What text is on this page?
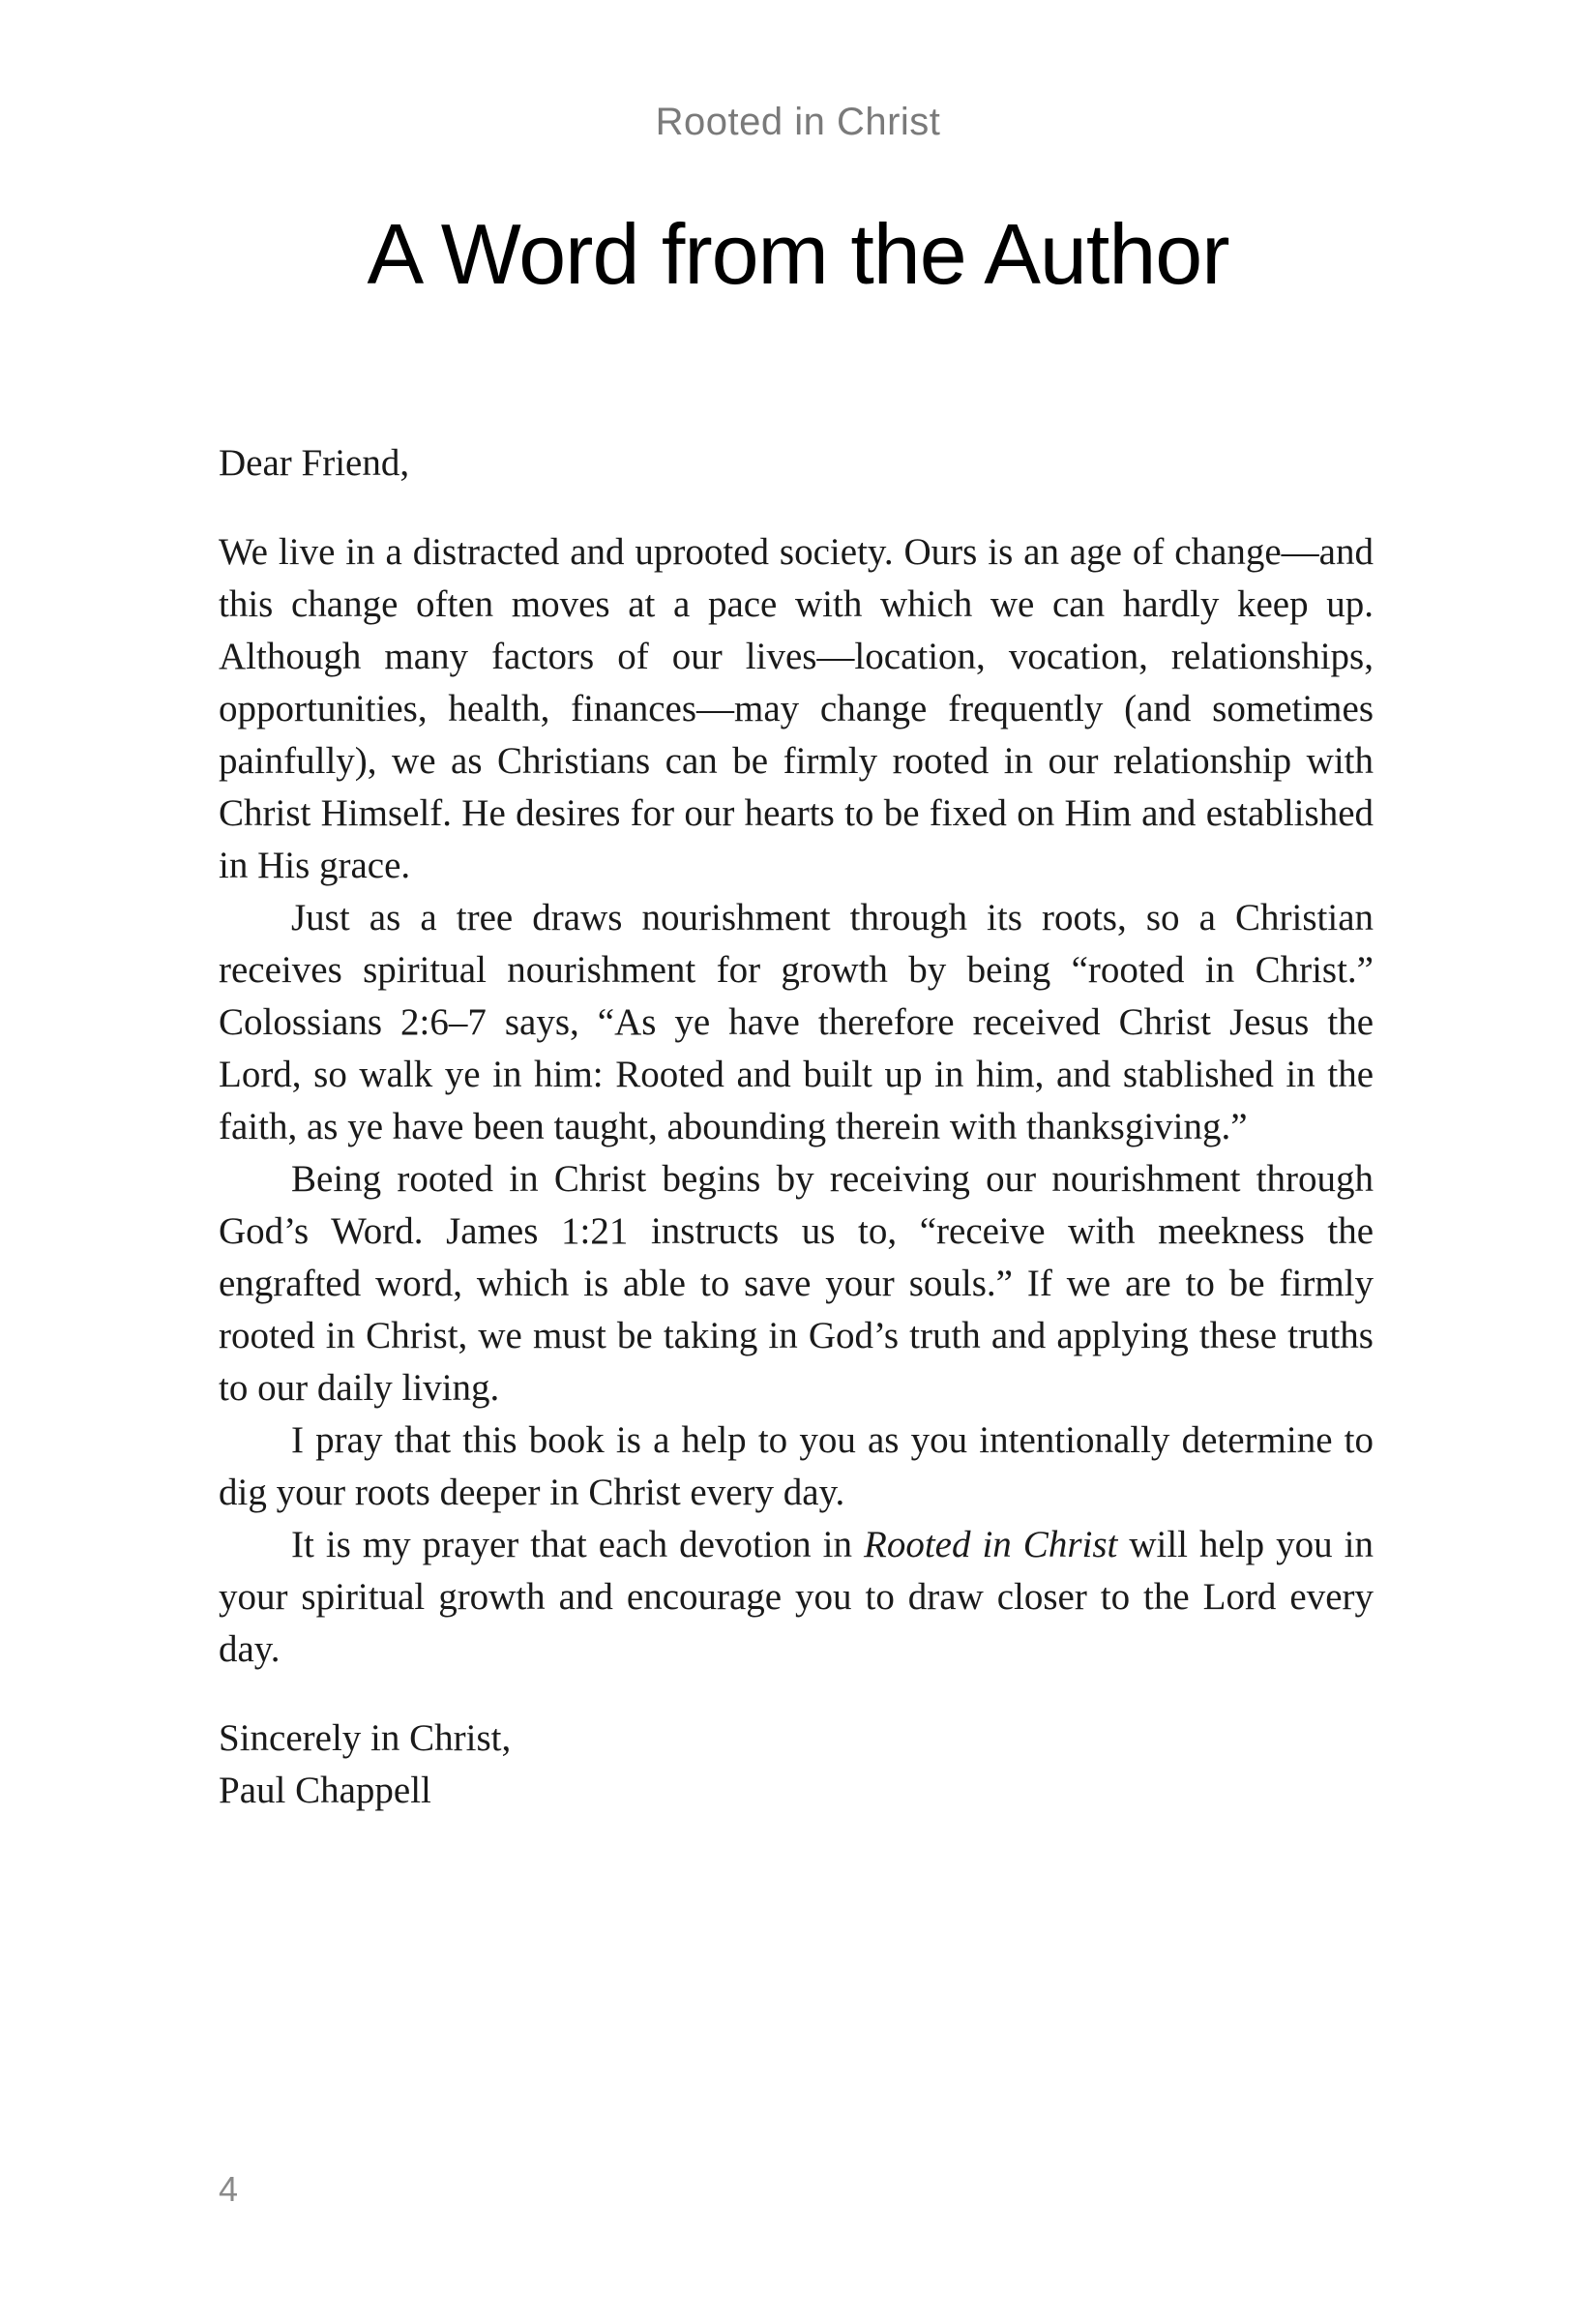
Rooted in Christ
A Word from the Author

Dear Friend,

We live in a distracted and uprooted society. Ours is an age of change—and this change often moves at a pace with which we can hardly keep up. Although many factors of our lives—location, vocation, relationships, opportunities, health, finances—may change frequently (and sometimes painfully), we as Christians can be firmly rooted in our relationship with Christ Himself. He desires for our hearts to be fixed on Him and established in His grace.

Just as a tree draws nourishment through its roots, so a Christian receives spiritual nourishment for growth by being “rooted in Christ.” Colossians 2:6–7 says, “As ye have therefore received Christ Jesus the Lord, so walk ye in him: Rooted and built up in him, and stablished in the faith, as ye have been taught, abounding therein with thanksgiving.”

Being rooted in Christ begins by receiving our nourishment through God’s Word. James 1:21 instructs us to, “receive with meekness the engrafted word, which is able to save your souls.” If we are to be firmly rooted in Christ, we must be taking in God’s truth and applying these truths to our daily living.

I pray that this book is a help to you as you intentionally determine to dig your roots deeper in Christ every day.

It is my prayer that each devotion in Rooted in Christ will help you in your spiritual growth and encourage you to draw closer to the Lord every day.

Sincerely in Christ,
Paul Chappell

4
